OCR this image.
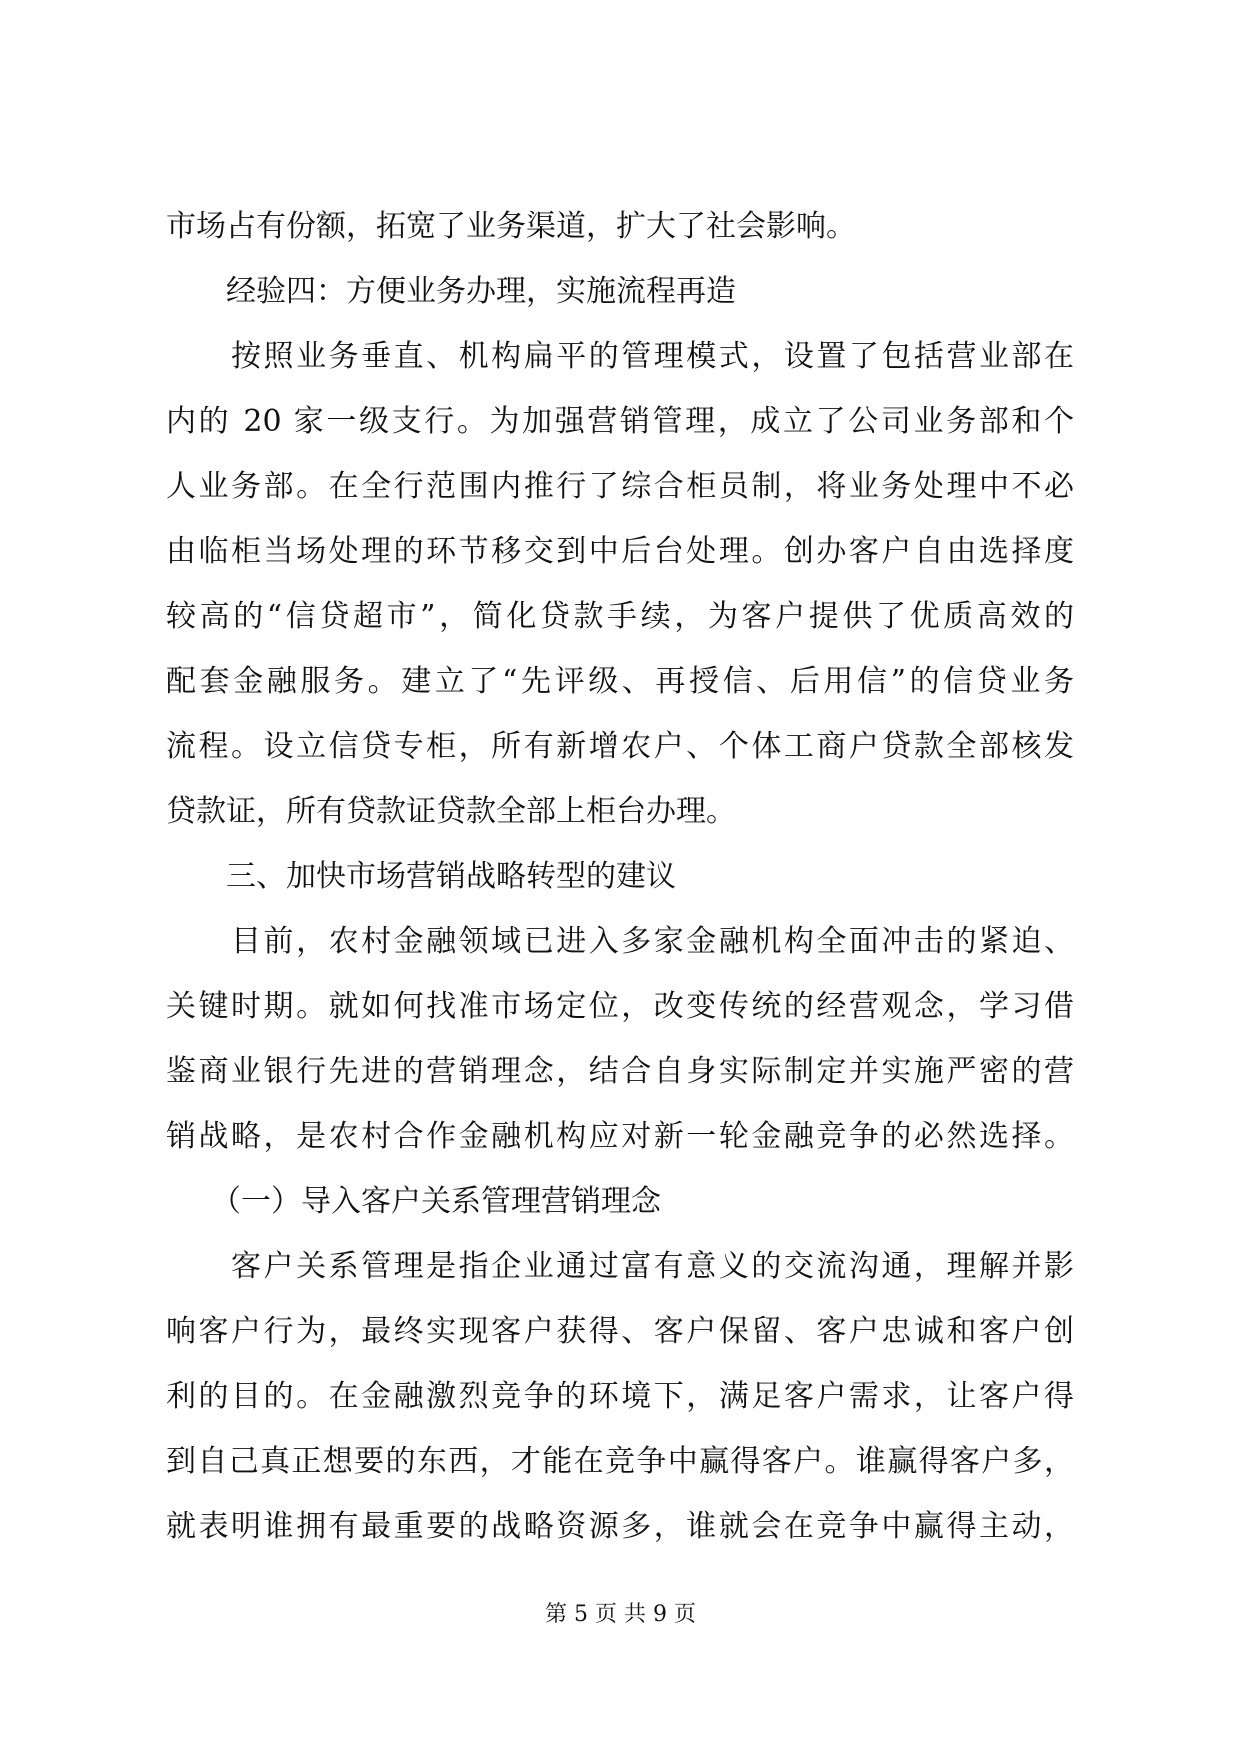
市场占有份额，拓宽了业务渠道，扩大了社会影响。
　　经验四：方便业务办理，实施流程再造
　　按照业务垂直、机构扁平的管理模式，设置了包括营业部在
内的 20 家一级支行。为加强营销管理，成立了公司业务部和个
人业务部。在全行范围内推行了综合柜员制，将业务处理中不必
由临柜当场处理的环节移交到中后台处理。创办客户自由选择度
较高的“信贷超市”，简化贷款手续，为客户提供了优质高效的
配套金融服务。建立了“先评级、再授信、后用信”的信贷业务
流程。设立信贷专柜，所有新增农户、个体工商户贷款全部核发
贷款证，所有贷款证贷款全部上柜台办理。
　　三、加快市场营销战略转型的建议
　　目前，农村金融领域已进入多家金融机构全面冲击的紧迫、
关键时期。就如何找准市场定位，改变传统的经营观念，学习借
鉴商业银行先进的营销理念，结合自身实际制定并实施严密的营
销战略，是农村合作金融机构应对新一轮金融竞争的必然选择。
　　（一）导入客户关系管理营销理念
　　客户关系管理是指企业通过富有意义的交流沟通，理解并影
响客户行为，最终实现客户获得、客户保留、客户忠诚和客户创
利的目的。在金融激烈竞争的环境下，满足客户需求，让客户得
到自己真正想要的东西，才能在竞争中赢得客户。谁赢得客户多，
就表明谁拥有最重要的战略资源多，谁就会在竞争中赢得主动，
第 5 页 共 9 页
